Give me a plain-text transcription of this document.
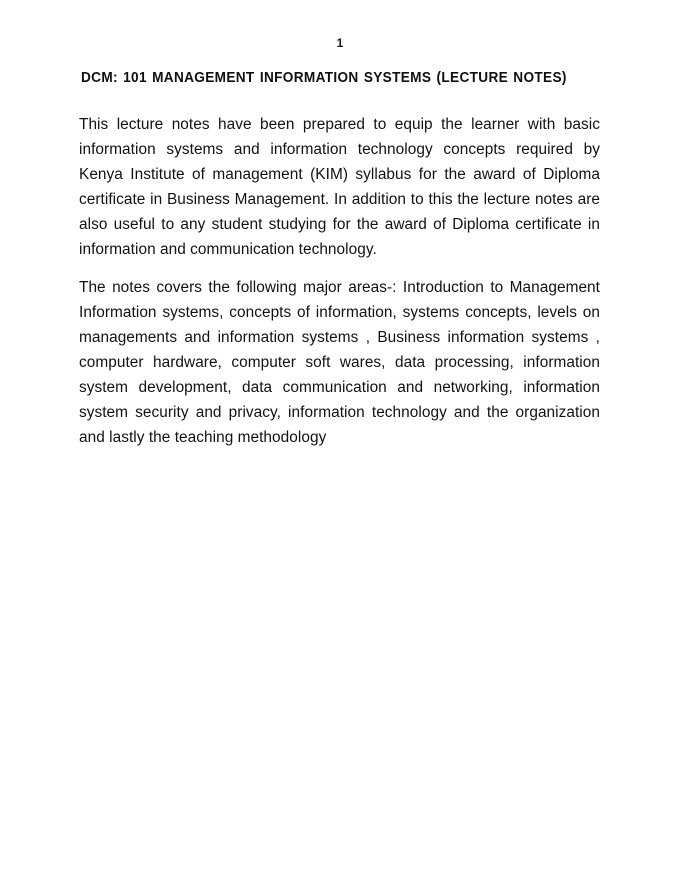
1
DCM: 101 MANAGEMENT INFORMATION SYSTEMS (LECTURE NOTES)

This lecture notes have been prepared to equip the learner with basic information systems and information technology concepts required by Kenya Institute of management (KIM) syllabus for the award of Diploma certificate in Business Management. In addition to this the lecture notes are also useful to any student studying for the award of Diploma certificate in information and communication technology.

The notes covers the following major areas-: Introduction to Management Information systems, concepts of information, systems concepts, levels on managements and information systems , Business information systems , computer hardware, computer soft wares, data processing, information system development, data communication and networking, information system security and privacy, information technology and the organization and lastly the teaching methodology
